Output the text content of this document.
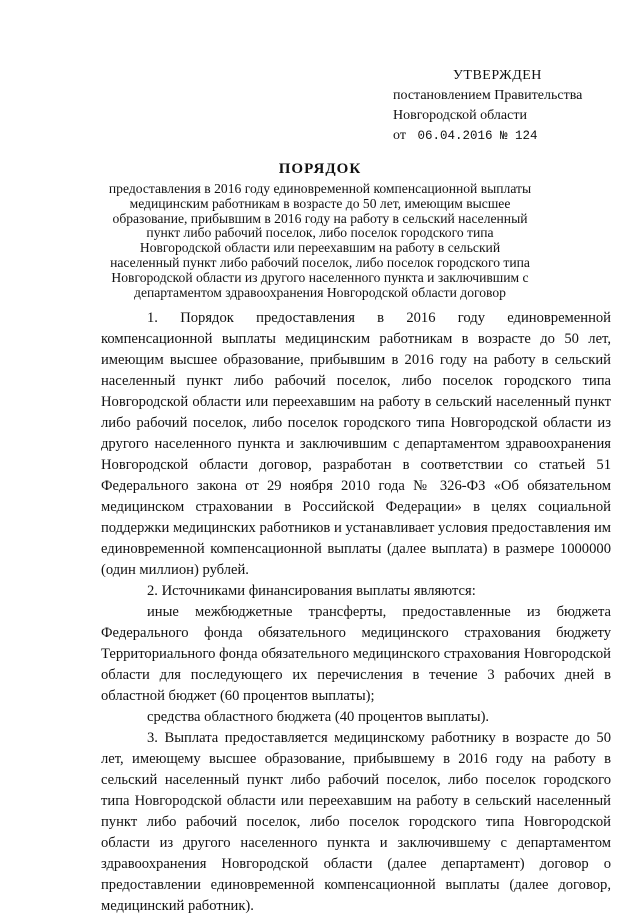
УТВЕРЖДЕН
постановлением Правительства
Новгородской области
от 06.04.2016 № 124
ПОРЯДОК
предоставления в 2016 году единовременной компенсационной выплаты медицинским работникам в возрасте до 50 лет, имеющим высшее образование, прибывшим в 2016 году на работу в сельский населенный пункт либо рабочий поселок, либо поселок городского типа Новгородской области или переехавшим на работу в сельский населенный пункт либо рабочий поселок, либо поселок городского типа Новгородской области из другого населенного пункта и заключившим с департаментом здравоохранения Новгородской области договор

1. Порядок предоставления в 2016 году единовременной компенсационной выплаты медицинским работникам в возрасте до 50 лет, имеющим высшее образование, прибывшим в 2016 году на работу в сельский населенный пункт либо рабочий поселок, либо поселок городского типа Новгородской области или переехавшим на работу в сельский населенный пункт либо рабочий поселок, либо поселок городского типа Новгородской области из другого населенного пункта и заключившим с департаментом здравоохранения Новгородской области договор, разработан в соответствии со статьей 51 Федерального закона от 29 ноября 2010 года № 326-ФЗ «Об обязательном медицинском страховании в Российской Федерации» в целях социальной поддержки медицинских работников и устанавливает условия предоставления им единовременной компенсационной выплаты (далее выплата) в размере 1000000 (один миллион) рублей.

2. Источниками финансирования выплаты являются:

иные межбюджетные трансферты, предоставленные из бюджета Федерального фонда обязательного медицинского страхования бюджету Территориального фонда обязательного медицинского страхования Новгородской области для последующего их перечисления в течение 3 рабочих дней в областной бюджет (60 процентов выплаты);

средства областного бюджета (40 процентов выплаты).

3. Выплата предоставляется медицинскому работнику в возрасте до 50 лет, имеющему высшее образование, прибывшему в 2016 году на работу в сельский населенный пункт либо рабочий поселок, либо поселок городского типа Новгородской области или переехавшим на работу в сельский населенный пункт либо рабочий поселок, либо поселок городского типа Новгородской области из другого населенного пункта и заключившему с департаментом здравоохранения Новгородской области (далее департамент) договор о предоставлении единовременной компенсационной выплаты (далее договор, медицинский работник).
